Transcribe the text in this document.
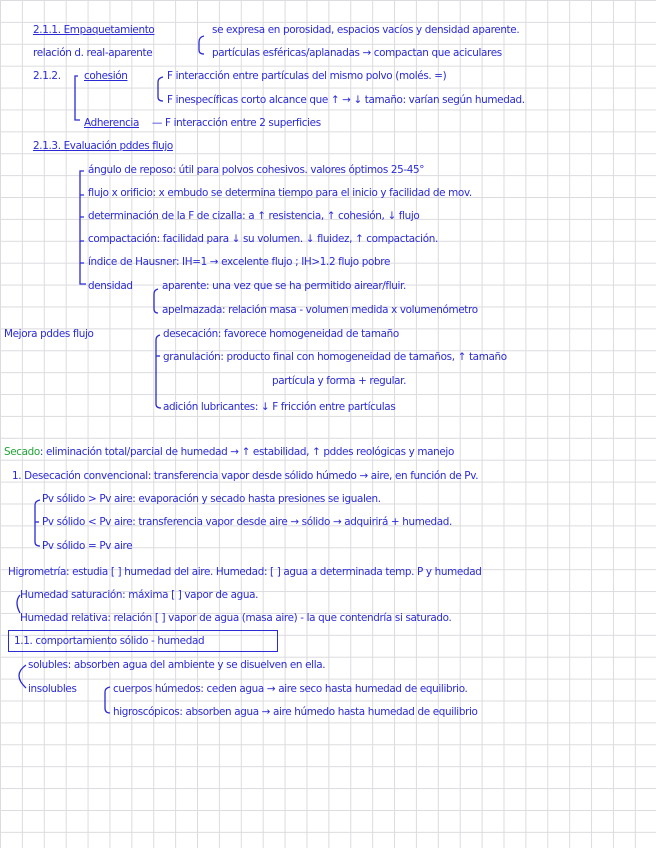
2.1.1. Empaquetamiento	se expresa en porosidad, espacios vacíos y densidad aparente.
relación d. real-aparente	partículas esféricas/aplanadas → compactan que aciculares
2.1.2. cohesión	F interacción entre partículas del mismo polvo (molés. =)
F inespecíficas corto alcance que ↑ → ↓ tamaño: varían según humedad.
Adherencia — F interacción entre 2 superficies
2.1.3. Evaluación pddes flujo
ángulo de reposo: útil para polvos cohesivos. valores óptimos 25-45°
flujo x orificio: x embudo se determina tiempo para el inicio y facilidad de mov.
determinación de la F de cizalla: a ↑ resistencia, ↑ cohesión, ↓ flujo
compactación: facilidad para ↓ su volumen. ↓ fluidez, ↑ compactación.
índice de Hausner: IH=1 → excelente flujo ; IH>1.2 flujo pobre
densidad	aparente: una vez que se ha permitido airear/fluir.
apelmazada: relación masa - volumen medida x volumenómetro
Mejora pddes flujo	desecación: favorece homogeneidad de tamaño
granulación: producto final con homogeneidad de tamaños, ↑ tamaño
partícula y forma + regular.
adición lubricantes: ↓ F fricción entre partículas
Secado: eliminación total/parcial de humedad → ↑ estabilidad, ↑ pddes reológicas y manejo
1. Desecación convencional: transferencia vapor desde sólido húmedo → aire, en función de Pv.
Pv sólido > Pv aire: evaporación y secado hasta presiones se igualen.
Pv sólido < Pv aire: transferencia vapor desde aire → sólido → adquirirá + humedad.
Pv sólido = Pv aire
Higrometría: estudia [ ] humedad del aire. Humedad: [ ] agua a determinada temp. P y humedad
Humedad saturación: máxima [ ] vapor de agua.
Humedad relativa: relación [ ] vapor de agua (masa aire) - la que contendría si saturado.
1.1. comportamiento sólido - humedad
solubles: absorben agua del ambiente y se disuelven en ella.
insolubles	cuerpos húmedos: ceden agua → aire seco hasta humedad de equilibrio.
higroscópicos: absorben agua → aire húmedo hasta humedad de equilibrio
